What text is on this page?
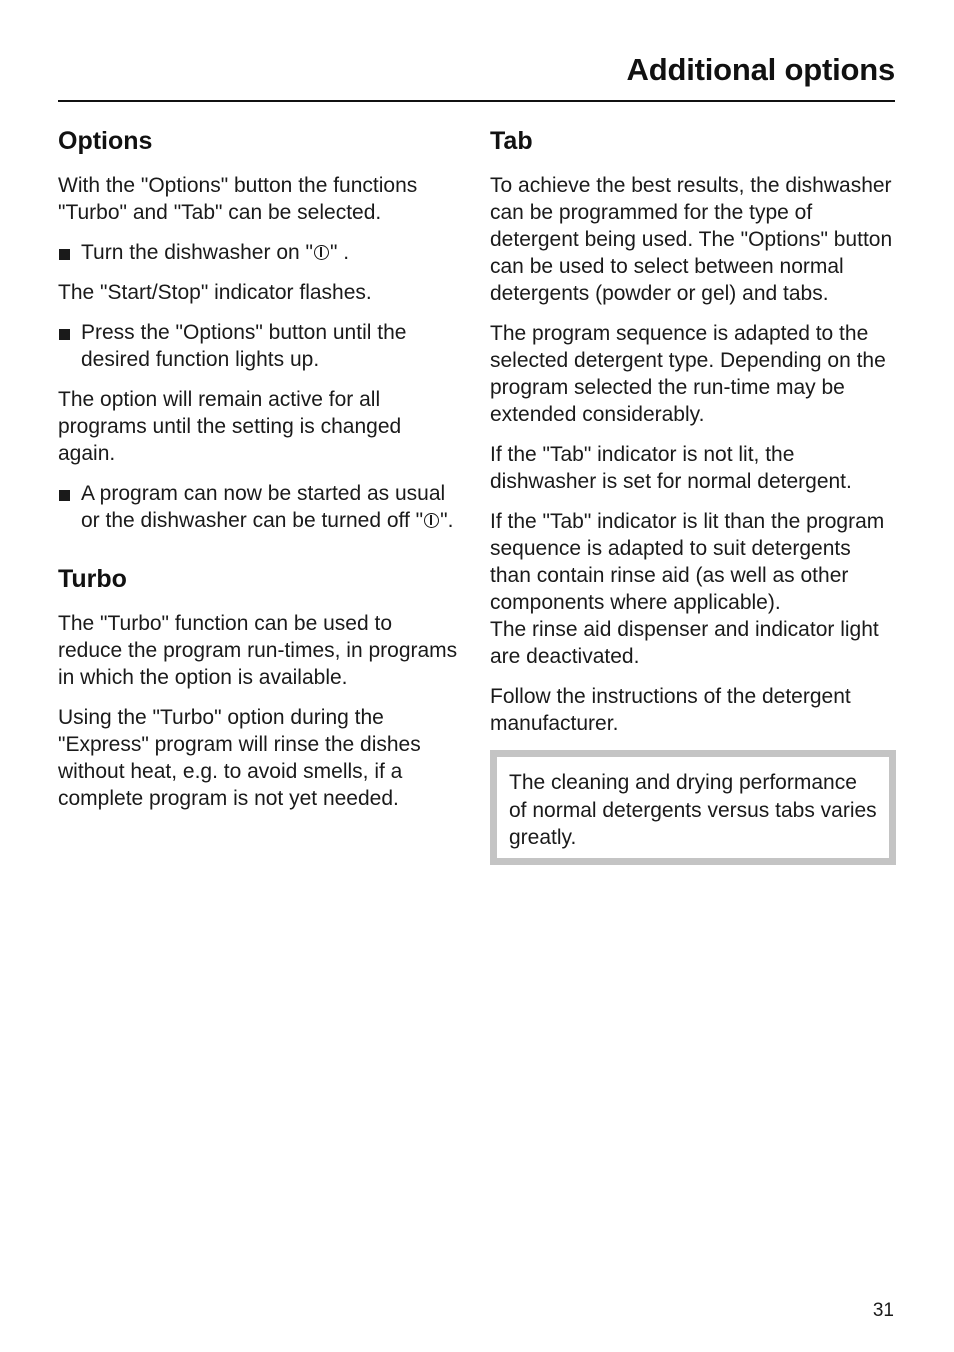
Additional options
Options

With the "Options" button the functions "Turbo" and "Tab" can be selected.

Turn the dishwasher on " " .

The "Start/Stop" indicator flashes.

Press the "Options" button until the desired function lights up.

The option will remain active for all programs until the setting is changed again.

A program can now be started as usual or the dishwasher can be turned off " ".
Turbo

The "Turbo" function can be used to reduce the program run-times, in programs in which the option is available.

Using the "Turbo" option during the "Express" program will rinse the dishes without heat, e.g. to avoid smells, if a complete program is not yet needed.

Tab

To achieve the best results, the dishwasher can be programmed for the type of detergent being used. The "Options" button can be used to select between normal detergents (powder or gel) and tabs.

The program sequence is adapted to the selected detergent type. Depending on the program selected the run-time may be extended considerably.

If the "Tab" indicator is not lit, the dishwasher is set for normal detergent.

If the "Tab" indicator is lit than the program sequence is adapted to suit detergents than contain rinse aid (as well as other components where applicable).
The rinse aid dispenser and indicator light are deactivated.

Follow the instructions of the detergent manufacturer.

The cleaning and drying performance of normal detergents versus tabs varies greatly.

31
